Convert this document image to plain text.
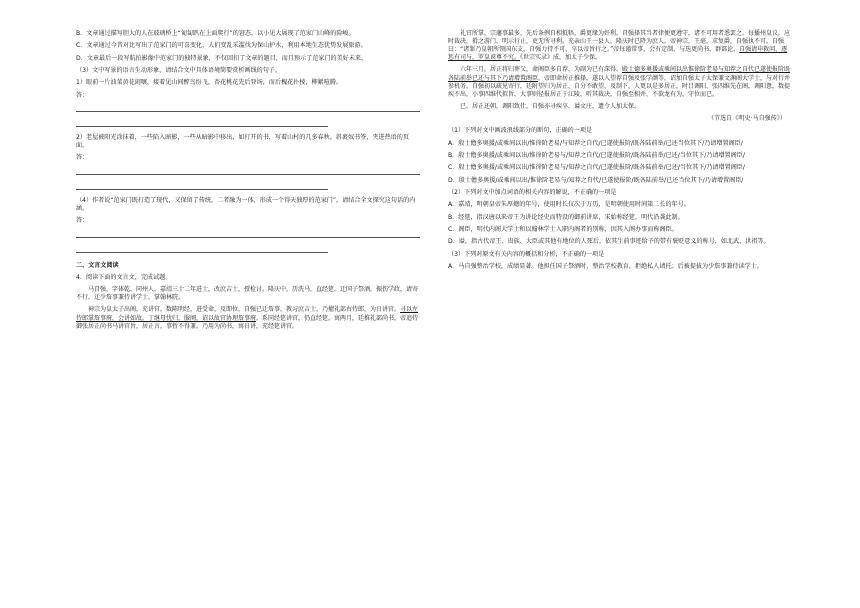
B．文章通过描写胆大的人在玻璃桥上“匍匐趴在上面爬行”的窘态，以小见大展现了范家门山峰的险峻。

C．文章通过今昔对比写出了范家门的可喜变化，人们变乱采滥伐为保山护水，利用本地生态优势发展旅游。

D．文章最后一段写航拍影像中范家门的独特景象，不仅回扣了文章的题目，而且预示了范家门的美好未来。

（3）文中写景的语言生动形象，请结合文中具体语境简要赏析画线的句子。

1）眼前一片油菜黄花闹嚷，接着见山间醉鸟纷飞，杏花桃花先后登场，而后槐花扑棱，柳絮喧腾。

答：

2）老屋被阳光涂抹着，一些陷入暗影，一些从暗影中移出，如打开的书，写着山村的几多春秋。斜裹奴书签，夹进热语的页面。

答：

（4）作者说“范家门既打造了现代，又保留了传统，二者融为一体，形成一个得天独厚的范家门”，请结合全文探究这句话的内涵。

答：

二、文言文阅读

4．阅读下面的文言文，完成试题。

马自强，字体乾，同州人。嘉靖三十二年进士，改庶吉士，授检讨。隆庆中，历洗马，直经筵。迁国子祭酒，振伤学政，请寄不行。迁少詹事兼侍讲学士，掌翰林院。

神宗为皇太子出阁，充讲官。数陈明经，进受命，及即位，自强已迁詹事，教习庶吉士，乃擢礼部右侍郎，为日讲官。寻以左侍郎掌詹事府，会讲如故。丁继母忧归，服阕，诏以故官协理詹事府。系同经筵讲官，仍直经筵。寓两月，廷推礼部尚书。帝追侍御张居正尚书马讲官旨，居正言，事暂不得兼。乃用为尚书，寓日讲，充经筵讲官。

礼官所掌，宗藩事最多，先后条例自相抵牾，爵更缘为奸利。自强择其当者律便更遵守，诸不可用者悉罢之。每播州皇议，应时裁决，猾之游门，明示行止，吏无所寻利。充亲山王一县人，隆庆时已降为庶人。帝神宗，王毫，求复爵，自强执不可。自强曰：“诸罪乃皇朝所领国东支，自强力持不可，卒以帝旨行之。”帝每谨常事，会有定制，与迭更尚书，群部论，自强请申救问，逐惩有司与，罗皇谟尊不究。《世宗实录》成，加太子少保。

六年三月，居正将归葬父，命阁臣多自荐，为副为已有深得。殿士德多奥援或乘间以出惟徐阶老易与知荐之自代已遂使报阶既各陆前举已还与其下乃请增置阁臣。帝即命居正推择，遂以入望荐自强及张学颜等，诏加自强太子太保兼文渊阁大学士，与对行并参机务。自强初以疏见寄行，廷附望归为居正，自分不敢望，及制下，人更以是多居正。时吕调阳、张四维先在阁，调阳惫，数提疾不出，小事四维代拟旨，大事则径报居正于江陵，听其裁决，自强至相并，不欲龙有为，守位而已。

已，居正还朝，调阳致仕，自强亦寻疾卒，谥文庄，遗令人加太保。

（节选自《明史·马自强传》）

（1）下列对文中画波浪线部分的断句，正确的一项是

A．殷士儋多奥援/或乘间以出/惟徐阶老易/与知荐之自代/已遂使报阶/既各陆前举/已还当位其下/乃请增置阁臣/

B．殷士儋多奥援/或乘间以出/惟徐阶老易与/知荐之自代/已遂使报阶/既各陆前举/已还/当位其下/乃请增置阁臣/

C．殷士儋多奥援/或乘间以出/惟徐阶老易与/知荐之自代/已遂使报阶/既各陆前举/已还/当位其下/乃请增置阁臣/

D．殷士儋多奥援/或乘间以出/惟徐阶老易与/知荐之自代/已遂使报阶/既各陆前举/已还当位其下/乃请增置阁臣/

（2）下列对文中加点词语的相关内容的解说，不正确的一项是

A．嘉靖，明朝皇帝朱厚熜的年号，使用时长仅次于万历，是明朝使用时间第二长的年号。

B．经筵，指汉唐以来帝王为讲论经史而特设的御前讲席，宋始称经筵，明代沿袭此制。

C．阁臣，明代内阁大学士和以翰林学士入职内阁者的别称，因其入阁办事而称阁臣。

D．谥，指古代帝王、贵族、大臣或其他有地位的人死后，依其生前事迹给予的带有褒贬意义的称号，如北武、世祖等。

（3）下列对原文有关内容的概括和分析，不正确的一项是

A．马自强整治学校，成绩显著。他担任国子祭酒时，整治学校教育，拒绝私人请托；后被提拔为少詹事兼侍读学士。
